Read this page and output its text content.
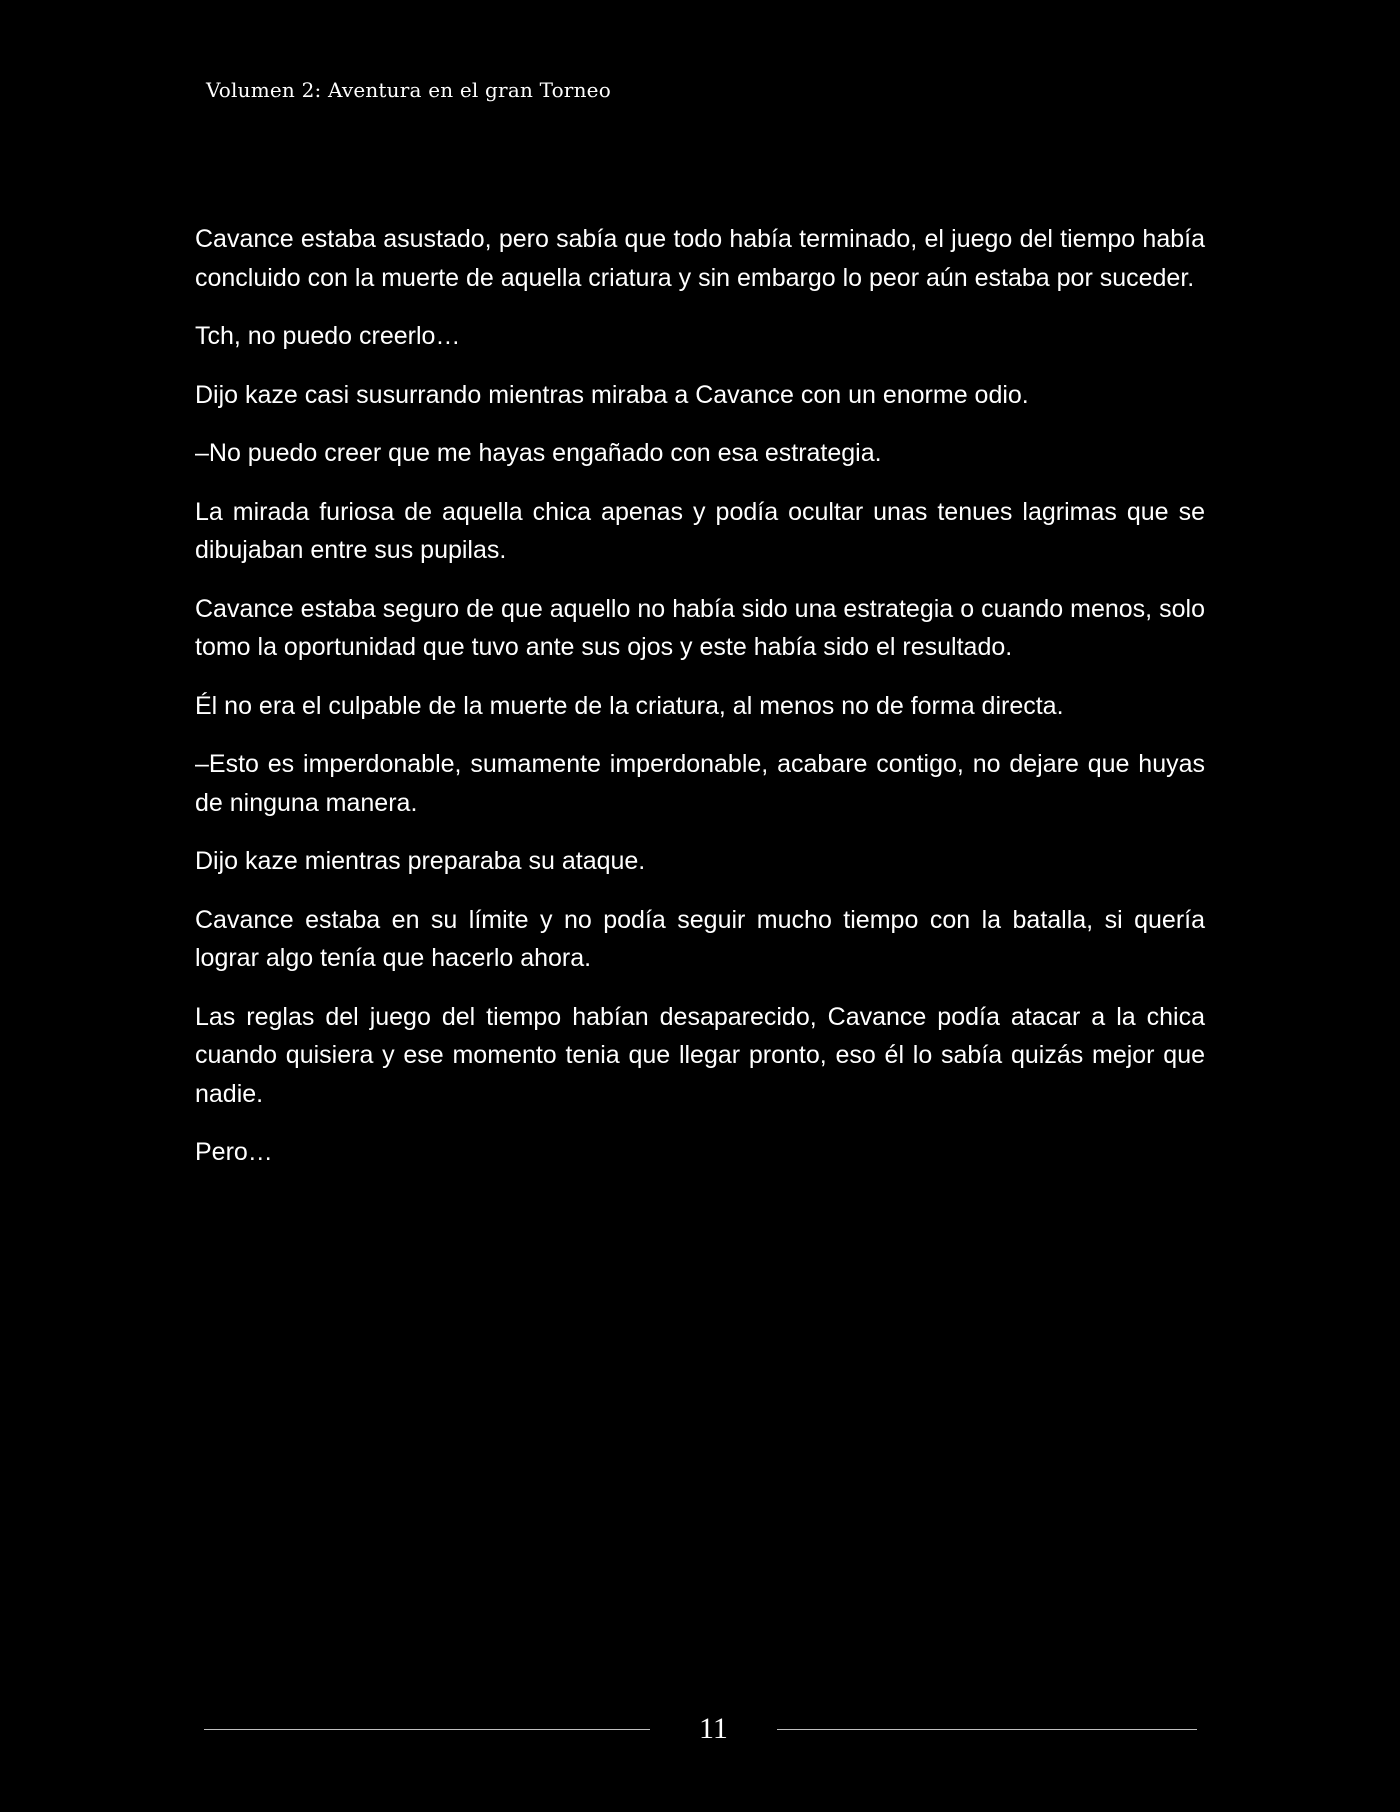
Volumen 2: Aventura en el gran Torneo

Cavance estaba asustado, pero sabía que todo había terminado, el juego del tiempo había concluido con la muerte de aquella criatura y sin embargo lo peor aún estaba por suceder.

Tch, no puedo creerlo…

Dijo kaze casi susurrando mientras miraba a Cavance con un enorme odio.

–No puedo creer que me hayas engañado con esa estrategia.

La mirada furiosa de aquella chica apenas y podía ocultar unas tenues lagrimas que se dibujaban entre sus pupilas.

Cavance estaba seguro de que aquello no había sido una estrategia o cuando menos, solo tomo la oportunidad que tuvo ante sus ojos y este había sido el resultado.

Él no era el culpable de la muerte de la criatura, al menos no de forma directa.

–Esto es imperdonable, sumamente imperdonable, acabare contigo, no dejare que huyas de ninguna manera.

Dijo kaze mientras preparaba su ataque.

Cavance estaba en su límite y no podía seguir mucho tiempo con la batalla, si quería lograr algo tenía que hacerlo ahora.

Las reglas del juego del tiempo habían desaparecido, Cavance podía atacar a la chica cuando quisiera y ese momento tenia que llegar pronto, eso él lo sabía quizás mejor que nadie.

Pero…

11
